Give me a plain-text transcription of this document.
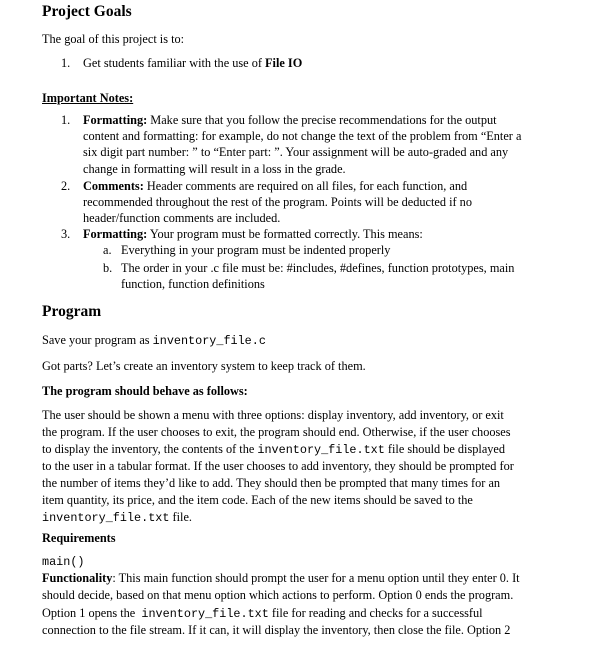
Project Goals
The goal of this project is to:
1. Get students familiar with the use of File IO
Important Notes:
1. Formatting: Make sure that you follow the precise recommendations for the output
content and formatting: for example, do not change the text of the problem from “Enter a
six digit part number: ” to “Enter part: ”. Your assignment will be auto-graded and any
change in formatting will result in a loss in the grade.
2. Comments: Header comments are required on all files, for each function, and
recommended throughout the rest of the program. Points will be deducted if no
header/function comments are included.
3. Formatting: Your program must be formatted correctly. This means:
a. Everything in your program must be indented properly
b. The order in your .c file must be: #includes, #defines, function prototypes, main
function, function definitions
Program
Save your program as inventory_file.c
Got parts? Let’s create an inventory system to keep track of them.
The program should behave as follows:
The user should be shown a menu with three options: display inventory, add inventory, or exit
the program. If the user chooses to exit, the program should end. Otherwise, if the user chooses
to display the inventory, the contents of the inventory_file.txt file should be displayed
to the user in a tabular format. If the user chooses to add inventory, they should be prompted for
the number of items they’d like to add. They should then be prompted that many times for an
item quantity, its price, and the item code. Each of the new items should be saved to the
inventory_file.txt file.
Requirements
main()
Functionality: This main function should prompt the user for a menu option until they enter 0. It
should decide, based on that menu option which actions to perform. Option 0 ends the program.
Option 1 opens the  inventory_file.txt file for reading and checks for a successful
connection to the file stream. If it can, it will display the inventory, then close the file. Option 2
